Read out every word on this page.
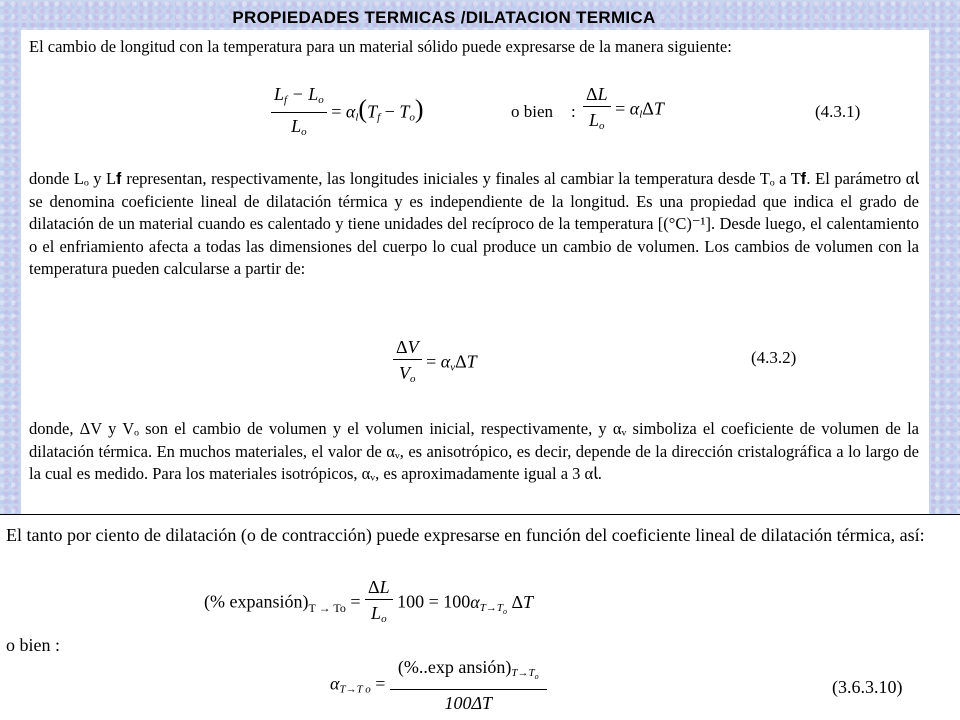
PROPIEDADES TERMICAS /DILATACION TERMICA
El cambio de longitud con la temperatura para un material sólido puede expresarse de la manera siguiente:
$\frac{L_f - L_o}{L_o} = \alpha_l(T_f - T_o)$	o bien : $\frac{\Delta L}{L_o} = \alpha_l\Delta T$	(4.3.1)
donde Lₒ y L𝐟 representan, respectivamente, las longitudes iniciales y finales al cambiar la temperatura desde Tₒ a T𝐟. El parámetro α𝗅 se denomina coeficiente lineal de dilatación térmica y es independiente de la longitud. Es una propiedad que indica el grado de dilatación de un material cuando es calentado y tiene unidades del recíproco de la temperatura [(°C)⁻¹]. Desde luego, el calentamiento o el enfriamiento afecta a todas las dimensiones del cuerpo lo cual produce un cambio de volumen. Los cambios de volumen con la temperatura pueden calcularse a partir de:
$\frac{\Delta V}{V_o} = \alpha_v\Delta T$	(4.3.2)
donde, ΔV y Vₒ son el cambio de volumen y el volumen inicial, respectivamente, y αᵥ simboliza el coeficiente de volumen de la dilatación térmica. En muchos materiales, el valor de αᵥ, es anisotrópico, es decir, depende de la dirección cristalográfica a lo largo de la cual es medido. Para los materiales isotrópicos, αᵥ, es aproximadamente igual a 3 α𝗅.
El tanto por ciento de dilatación (o de contracción) puede expresarse en función del coeficiente lineal de dilatación térmica, así:
(% $expansión)_{T \to To} = \frac{\Delta L}{L_o} 100 = 100\alpha_{T\to T_o}$ ΔT
o bien :
$\alpha_{T\to T o} = \frac{(\%..\exp ansión)_{T\to T_o}}{100\Delta T}$	(3.6.3.10)
